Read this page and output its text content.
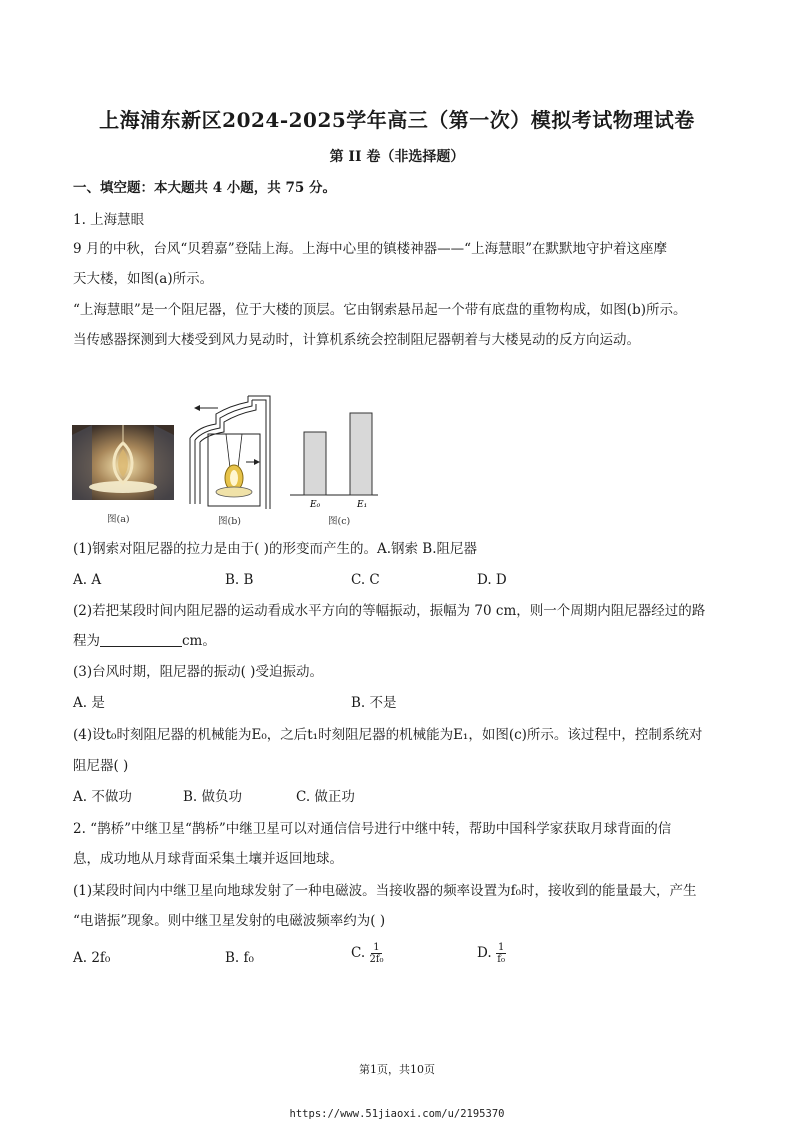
上海浦东新区2024-2025学年高三（第一次）模拟考试物理试卷
第 II 卷（非选择题）
一、填空题：本大题共 4 小题，共 75 分。
1. 上海慧眼
9 月的中秋，台风“贝碧嘉”登陆上海。上海中心里的镇楼神器——“上海慧眼”在默默地守护着这座摩
天大楼，如图(a)所示。
“上海慧眼”是一个阻尼器，位于大楼的顶层。它由钢索悬吊起一个带有底盘的重物构成，如图(b)所示。
当传感器探测到大楼受到风力晃动时，计算机系统会控制阻尼器朝着与大楼晃动的反方向运动。
图(a)	图(b)
E₀	E₁
图(c)
(1)钢索对阻尼器的拉力是由于( )的形变而产生的。A.钢索 B.阻尼器
A. A	B. B	C. C	D. D
(2)若把某段时间内阻尼器的运动看成水平方向的等幅振动，振幅为 70 cm，则一个周期内阻尼器经过的路
程为	cm。
(3)台风时期，阻尼器的振动( )受迫振动。
A. 是	B. 不是
(4)设t₀时刻阻尼器的机械能为E₀，之后t₁时刻阻尼器的机械能为E₁，如图(c)所示。该过程中，控制系统对
阻尼器( )
A. 不做功	B. 做负功	C. 做正功
2. “鹊桥”中继卫星“鹊桥”中继卫星可以对通信信号进行中继中转，帮助中国科学家获取月球背面的信
息，成功地从月球背面采集土壤并返回地球。
(1)某段时间内中继卫星向地球发射了一种电磁波。当接收器的频率设置为f₀时，接收到的能量最大，产生
“电谐振”现象。则中继卫星发射的电磁波频率约为( )
A. 2f₀	B. f₀	C. $\frac{1}{\text{2f₀}}$	D. $\frac{1}{\text{f₀}}$
第1页，共10页
https://www.51jiaoxi.com/u/2195370
